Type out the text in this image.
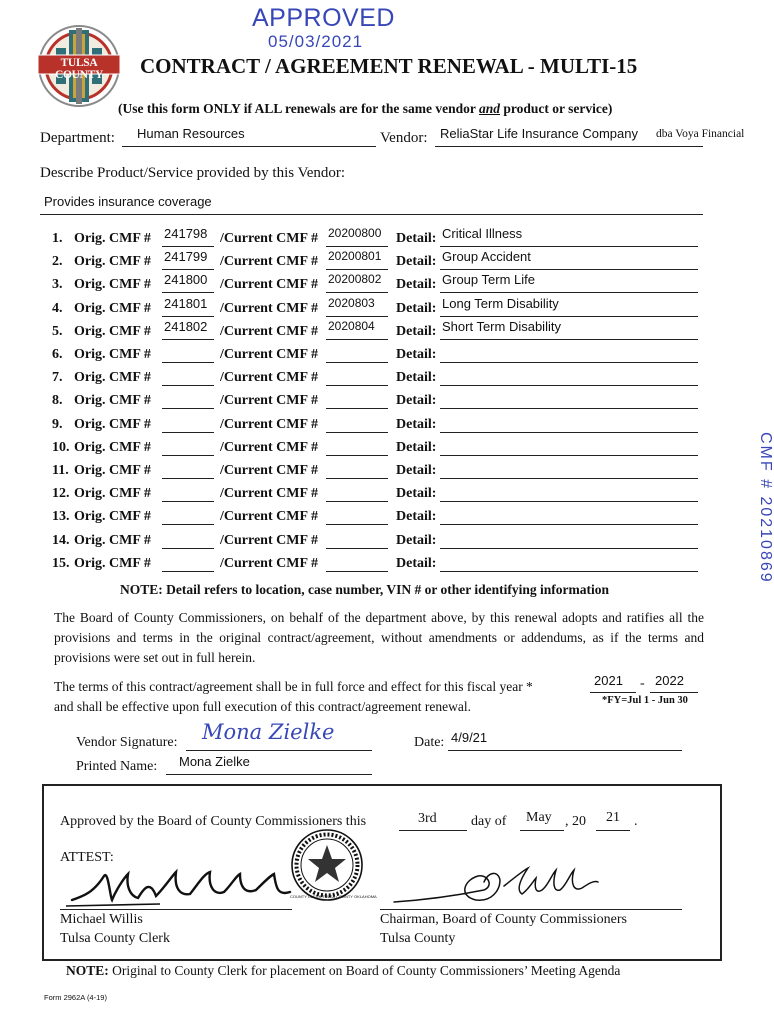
APPROVED
05/03/2021
TULSA COUNTY	CONTRACT / AGREEMENT RENEWAL - MULTI-15
(Use this form ONLY if ALL renewals are for the same vendor and product or service)
Department: Human Resources	Vendor: ReliaStar Life Insurance Company dba Voya Financial
Describe Product/Service provided by this Vendor:
Provides insurance coverage
1. Orig. CMF # 241798 /Current CMF # 20200800 Detail: Critical Illness
2. Orig. CMF # 241799 /Current CMF # 20200801 Detail: Group Accident
3. Orig. CMF # 241800 /Current CMF # 20200802 Detail: Group Term Life
4. Orig. CMF # 241801 /Current CMF # 2020803 Detail: Long Term Disability
5. Orig. CMF # 241802 /Current CMF # 2020804 Detail: Short Term Disability
6. Orig. CMF #	/Current CMF #	Detail:
7. Orig. CMF #	/Current CMF #	Detail:
8. Orig. CMF #	/Current CMF #	Detail:
9. Orig. CMF #	/Current CMF #	Detail:
10. Orig. CMF #	/Current CMF #	Detail:
11. Orig. CMF #	/Current CMF #	Detail:
12. Orig. CMF #	/Current CMF #	Detail:
13. Orig. CMF #	/Current CMF #	Detail:
14. Orig. CMF #	/Current CMF #	Detail:
15. Orig. CMF #	/Current CMF #	Detail:	CMF # 20210869
NOTE: Detail refers to location, case number, VIN # or other identifying information
The Board of County Commissioners, on behalf of the department above, by this renewal adopts and ratifies all the provisions and terms in the original contract/agreement, without amendments or addendums, as if the terms and provisions were set out in full herein.
The terms of this contract/agreement shall be in full force and effect for this fiscal year *
and shall be effective upon full execution of this contract/agreement renewal.
2021 - 2022
*FY=Jul 1 - Jun 30
Vendor Signature: Mona Zielke	Date: 4/9/21
Printed Name: Mona Zielke
Approved by the Board of County Commissioners this	3rd day of May , 20 21 .
ATTEST:
Michael Willis
Tulsa County Clerk
COUNTY CLERK TULSA COUNTY OKLAHOMA
Chairman, Board of County Commissioners
Tulsa County
NOTE: Original to County Clerk for placement on Board of County Commissioners’ Meeting Agenda
Form 2962A (4-19)
